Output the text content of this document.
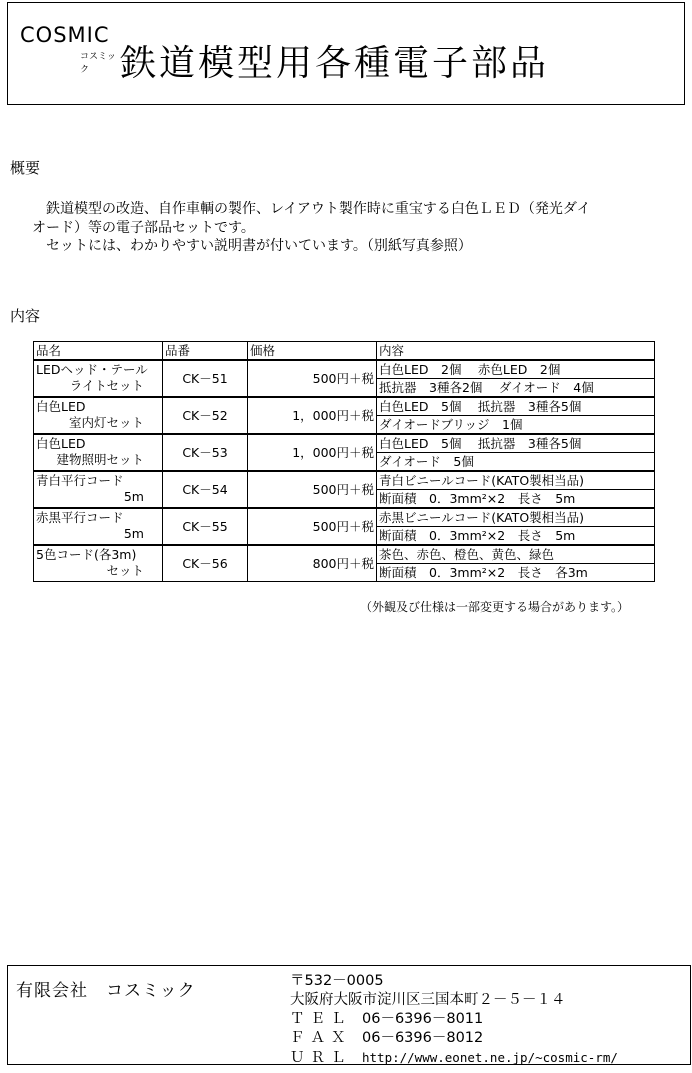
COSMIC
コスミック 鉄道模型用各種電子部品
概要

　鉄道模型の改造、自作車輌の製作、レイアウト製作時に重宝する白色ＬＥＤ（発光ダイ

オード）等の電子部品セットです。

　セットには、わかりやすい説明書が付いています。（別紙写真参照）

内容
品名	品番	価格	内容

LEDヘッド・テール
ライトセット	CK－51	500円＋税	白色LED　2個　 赤色LED　2個
			抵抗器　3種各2個　 ダイオード　4個

白色LED
室内灯セット	CK－52	1，000円＋税	白色LED　5個　 抵抗器　3種各5個
			ダイオードブリッジ　1個

白色LED
建物照明セット	CK－53	1，000円＋税	白色LED　5個　 抵抗器　3種各5個
			ダイオード　5個

青白平行コード
5m	CK－54	500円＋税	青白ビニールコード(KATO製相当品)
			断面積　0．3mm²×2　長さ　5m

赤黒平行コード
5m	CK－55	500円＋税	赤黒ビニールコード(KATO製相当品)
			断面積　0．3mm²×2　長さ　5m

5色コード(各3m)
セット	CK－56	800円＋税	茶色、赤色、橙色、黄色、緑色
			断面積　0．3mm²×2　長さ　各3m
（外観及び仕様は一部変更する場合があります。）
有限会社　コスミック	〒532－0005
大阪府大阪市淀川区三国本町２－５－１４
ＴＥＬ 06－6396－8011
ＦＡＸ 06－6396－8012
ＵＲＬ http://www.eonet.ne.jp/~cosmic-rm/
